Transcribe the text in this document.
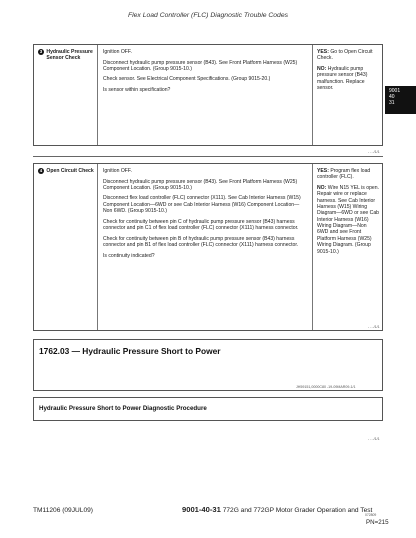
Flex Load Controller (FLC) Diagnostic Trouble Codes
9001
40
31
3 Hydraulic Pressure
Sensor Check

Ignition OFF.

Disconnect hydraulic pump pressure sensor (B43). See Front Platform Harness (W25) Component Location. (Group 9015-10.)

Check sensor. See Electrical Component Specifications. (Group 9015-20.)

Is sensor within specification?

YES: Go to Open Circuit Check.

NO: Hydraulic pump pressure sensor (B43) malfunction. Replace sensor.

- - -/1/1
4 Open Circuit Check	Ignition OFF.

Disconnect hydraulic pump pressure sensor (B43). See Front Platform Harness (W25) Component Location. (Group 9015-10.)

Disconnect flex load controller (FLC) connector (X111). See Cab Interior Harness (W15) Component Location—6WD or see Cab Interior Harness (W16) Component Location—Non 6WD. (Group 9015-10.)

Check for continuity between pin C of hydraulic pump pressure sensor (B43) harness connector and pin C1 of flex load controller (FLC) connector (X111) harness connector.

Check for continuity between pin B of hydraulic pump pressure sensor (B43) harness connector and pin B1 of flex load controller (FLC) connector (X111) harness connector.

Is continuity indicated?

YES: Program flex load controller (FLC).

NO: Wire N15 YEL is open. Repair wire or replace harness. See Cab Interior Harness (W15) Wiring Diagram—6WD or see Cab Interior Harness (W16) Wiring Diagram—Non 6WD and see Front Platform Harness (W25) Wiring Diagram. (Group 9015-10.)

- - -/1/1
1762.03 — Hydraulic Pressure Short to Power
JH59151,0000C80 -19-09MAR09-1/1
Hydraulic Pressure Short to Power Diagnostic Procedure
- - -/1/1
TM11206 (09JUL09)	9001-40-31 772G and 772GP Motor Grader Operation and Test
072809
PN=215
